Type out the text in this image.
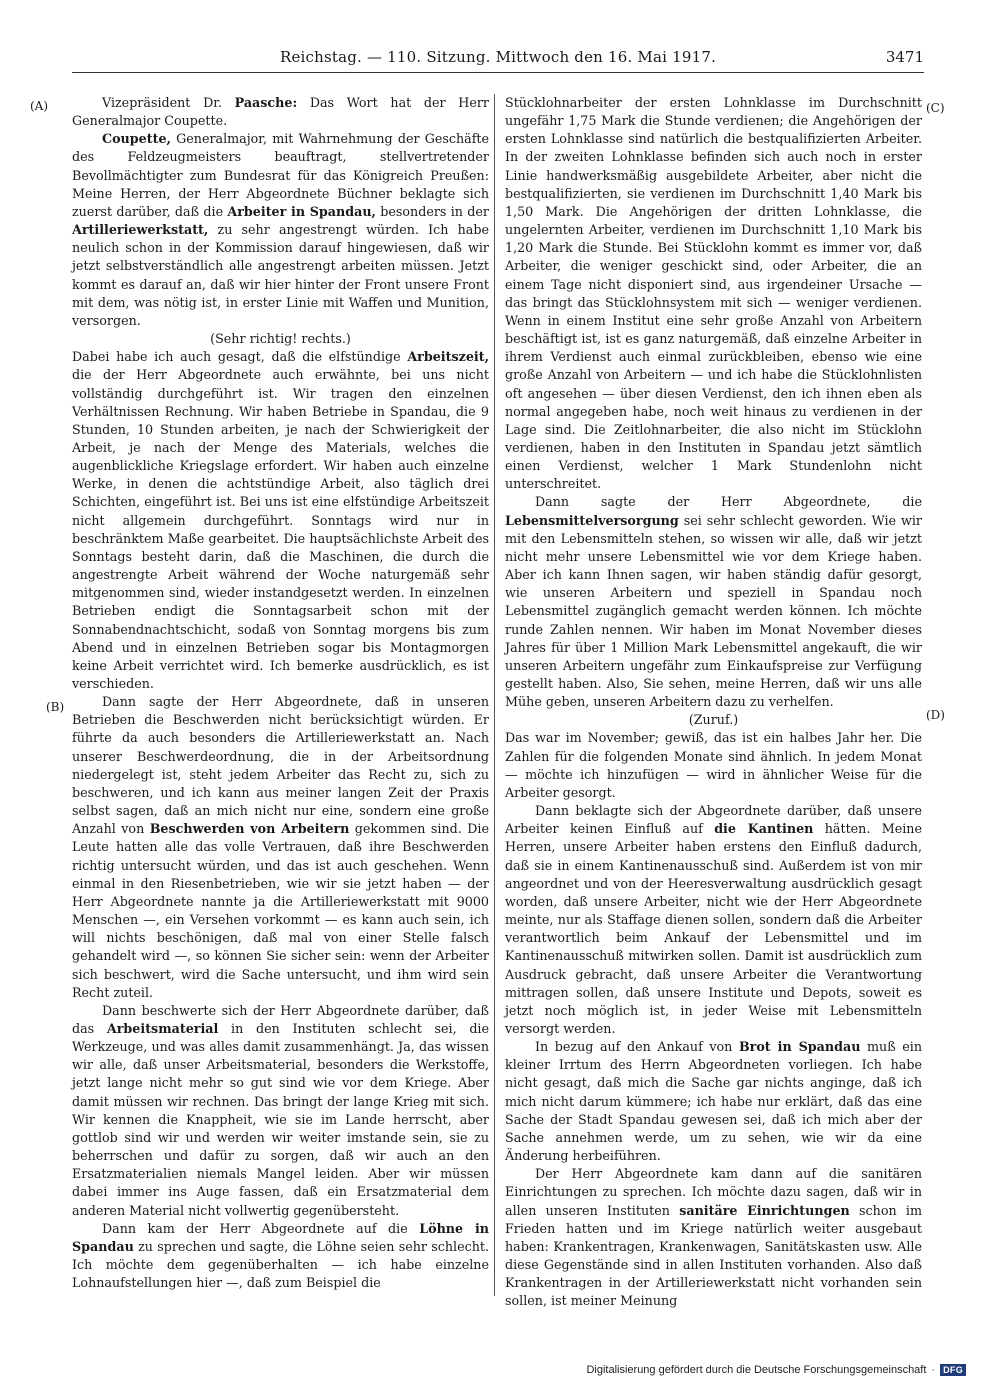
Reichstag. — 110. Sitzung. Mittwoch den 16. Mai 1917.	3471
(A)
(B)
(C)
(D)

Vizepräsident Dr. Paasche: Das Wort hat der Herr Generalmajor Coupette.

Coupette, Generalmajor, mit Wahrnehmung der Geschäfte des Feldzeugmeisters beauftragt, stellvertretender Bevollmächtigter zum Bundesrat für das Königreich Preußen: Meine Herren, der Herr Abgeordnete Büchner beklagte sich zuerst darüber, daß die Arbeiter in Spandau, besonders in der Artilleriewerkstatt, zu sehr angestrengt würden. Ich habe neulich schon in der Kommission darauf hingewiesen, daß wir jetzt selbstverständlich alle angestrengt arbeiten müssen. Jetzt kommt es darauf an, daß wir hier hinter der Front unsere Front mit dem, was nötig ist, in erster Linie mit Waffen und Munition, versorgen.

(Sehr richtig! rechts.)

Dabei habe ich auch gesagt, daß die elfstündige Arbeitszeit, die der Herr Abgeordnete auch erwähnte, bei uns nicht vollständig durchgeführt ist. Wir tragen den einzelnen Verhältnissen Rechnung. Wir haben Betriebe in Spandau, die 9 Stunden, 10 Stunden arbeiten, je nach der Schwierigkeit der Arbeit, je nach der Menge des Materials, welches die augenblickliche Kriegslage erfordert. Wir haben auch einzelne Werke, in denen die achtstündige Arbeit, also täglich drei Schichten, eingeführt ist. Bei uns ist eine elfstündige Arbeitszeit nicht allgemein durchgeführt. Sonntags wird nur in beschränktem Maße gearbeitet. Die hauptsächlichste Arbeit des Sonntags besteht darin, daß die Maschinen, die durch die angestrengte Arbeit während der Woche naturgemäß sehr mitgenommen sind, wieder instandgesetzt werden. In einzelnen Betrieben endigt die Sonntagsarbeit schon mit der Sonnabendnachtschicht, sodaß von Sonntag morgens bis zum Abend und in einzelnen Betrieben sogar bis Montagmorgen keine Arbeit verrichtet wird. Ich bemerke ausdrücklich, es ist verschieden.

Dann sagte der Herr Abgeordnete, daß in unseren Betrieben die Beschwerden nicht berücksichtigt würden. Er führte da auch besonders die Artilleriewerkstatt an. Nach unserer Beschwerdeordnung, die in der Arbeitsordnung niedergelegt ist, steht jedem Arbeiter das Recht zu, sich zu beschweren, und ich kann aus meiner langen Zeit der Praxis selbst sagen, daß an mich nicht nur eine, sondern eine große Anzahl von Beschwerden von Arbeitern gekommen sind. Die Leute hatten alle das volle Vertrauen, daß ihre Beschwerden richtig untersucht würden, und das ist auch geschehen. Wenn einmal in den Riesenbetrieben, wie wir sie jetzt haben — der Herr Abgeordnete nannte ja die Artilleriewerkstatt mit 9000 Menschen —, ein Versehen vorkommt — es kann auch sein, ich will nichts beschönigen, daß mal von einer Stelle falsch gehandelt wird —, so können Sie sicher sein: wenn der Arbeiter sich beschwert, wird die Sache untersucht, und ihm wird sein Recht zuteil.

Dann beschwerte sich der Herr Abgeordnete darüber, daß das Arbeitsmaterial in den Instituten schlecht sei, die Werkzeuge, und was alles damit zusammenhängt. Ja, das wissen wir alle, daß unser Arbeitsmaterial, besonders die Werkstoffe, jetzt lange nicht mehr so gut sind wie vor dem Kriege. Aber damit müssen wir rechnen. Das bringt der lange Krieg mit sich. Wir kennen die Knappheit, wie sie im Lande herrscht, aber gottlob sind wir und werden wir weiter imstande sein, sie zu beherrschen und dafür zu sorgen, daß wir auch an den Ersatzmaterialien niemals Mangel leiden. Aber wir müssen dabei immer ins Auge fassen, daß ein Ersatzmaterial dem anderen Material nicht vollwertig gegenübersteht.

Dann kam der Herr Abgeordnete auf die Löhne in Spandau zu sprechen und sagte, die Löhne seien sehr schlecht. Ich möchte dem gegenüberhalten — ich habe einzelne Lohnaufstellungen hier —, daß zum Beispiel die

Stücklohnarbeiter der ersten Lohnklasse im Durchschnitt ungefähr 1,75 Mark die Stunde verdienen; die Angehörigen der ersten Lohnklasse sind natürlich die bestqualifizierten Arbeiter. In der zweiten Lohnklasse befinden sich auch noch in erster Linie handwerksmäßig ausgebildete Arbeiter, aber nicht die bestqualifizierten, sie verdienen im Durchschnitt 1,40 Mark bis 1,50 Mark. Die Angehörigen der dritten Lohnklasse, die ungelernten Arbeiter, verdienen im Durchschnitt 1,10 Mark bis 1,20 Mark die Stunde. Bei Stücklohn kommt es immer vor, daß Arbeiter, die weniger geschickt sind, oder Arbeiter, die an einem Tage nicht disponiert sind, aus irgendeiner Ursache — das bringt das Stücklohnsystem mit sich — weniger verdienen. Wenn in einem Institut eine sehr große Anzahl von Arbeitern beschäftigt ist, ist es ganz naturgemäß, daß einzelne Arbeiter in ihrem Verdienst auch einmal zurückbleiben, ebenso wie eine große Anzahl von Arbeitern — und ich habe die Stücklohnlisten oft angesehen — über diesen Verdienst, den ich ihnen eben als normal angegeben habe, noch weit hinaus zu verdienen in der Lage sind. Die Zeitlohnarbeiter, die also nicht im Stücklohn verdienen, haben in den Instituten in Spandau jetzt sämtlich einen Verdienst, welcher 1 Mark Stundenlohn nicht unterschreitet.

Dann sagte der Herr Abgeordnete, die Lebensmittelversorgung sei sehr schlecht geworden. Wie wir mit den Lebensmitteln stehen, so wissen wir alle, daß wir jetzt nicht mehr unsere Lebensmittel wie vor dem Kriege haben. Aber ich kann Ihnen sagen, wir haben ständig dafür gesorgt, wie unseren Arbeitern und speziell in Spandau noch Lebensmittel zugänglich gemacht werden können. Ich möchte runde Zahlen nennen. Wir haben im Monat November dieses Jahres für über 1 Million Mark Lebensmittel angekauft, die wir unseren Arbeitern ungefähr zum Einkaufspreise zur Verfügung gestellt haben. Also, Sie sehen, meine Herren, daß wir uns alle Mühe geben, unseren Arbeitern dazu zu verhelfen.

(Zuruf.)

Das war im November; gewiß, das ist ein halbes Jahr her. Die Zahlen für die folgenden Monate sind ähnlich. In jedem Monat — möchte ich hinzufügen — wird in ähnlicher Weise für die Arbeiter gesorgt.

Dann beklagte sich der Abgeordnete darüber, daß unsere Arbeiter keinen Einfluß auf die Kantinen hätten. Meine Herren, unsere Arbeiter haben erstens den Einfluß dadurch, daß sie in einem Kantinenausschuß sind. Außerdem ist von mir angeordnet und von der Heeresverwaltung ausdrücklich gesagt worden, daß unsere Arbeiter, nicht wie der Herr Abgeordnete meinte, nur als Staffage dienen sollen, sondern daß die Arbeiter verantwortlich beim Ankauf der Lebensmittel und im Kantinenausschuß mitwirken sollen. Damit ist ausdrücklich zum Ausdruck gebracht, daß unsere Arbeiter die Verantwortung mittragen sollen, daß unsere Institute und Depots, soweit es jetzt noch möglich ist, in jeder Weise mit Lebensmitteln versorgt werden.

In bezug auf den Ankauf von Brot in Spandau muß ein kleiner Irrtum des Herrn Abgeordneten vorliegen. Ich habe nicht gesagt, daß mich die Sache gar nichts anginge, daß ich mich nicht darum kümmere; ich habe nur erklärt, daß das eine Sache der Stadt Spandau gewesen sei, daß ich mich aber der Sache annehmen werde, um zu sehen, wie wir da eine Änderung herbeiführen.

Der Herr Abgeordnete kam dann auf die sanitären Einrichtungen zu sprechen. Ich möchte dazu sagen, daß wir in allen unseren Instituten sanitäre Einrichtungen schon im Frieden hatten und im Kriege natürlich weiter ausgebaut haben: Krankentragen, Krankenwagen, Sanitätskasten usw. Alle diese Gegenstände sind in allen Instituten vorhanden. Also daß Krankentragen in der Artilleriewerkstatt nicht vorhanden sein sollen, ist meiner Meinung

Digitalisierung gefördert durch die Deutsche Forschungsgemeinschaft · DFG
